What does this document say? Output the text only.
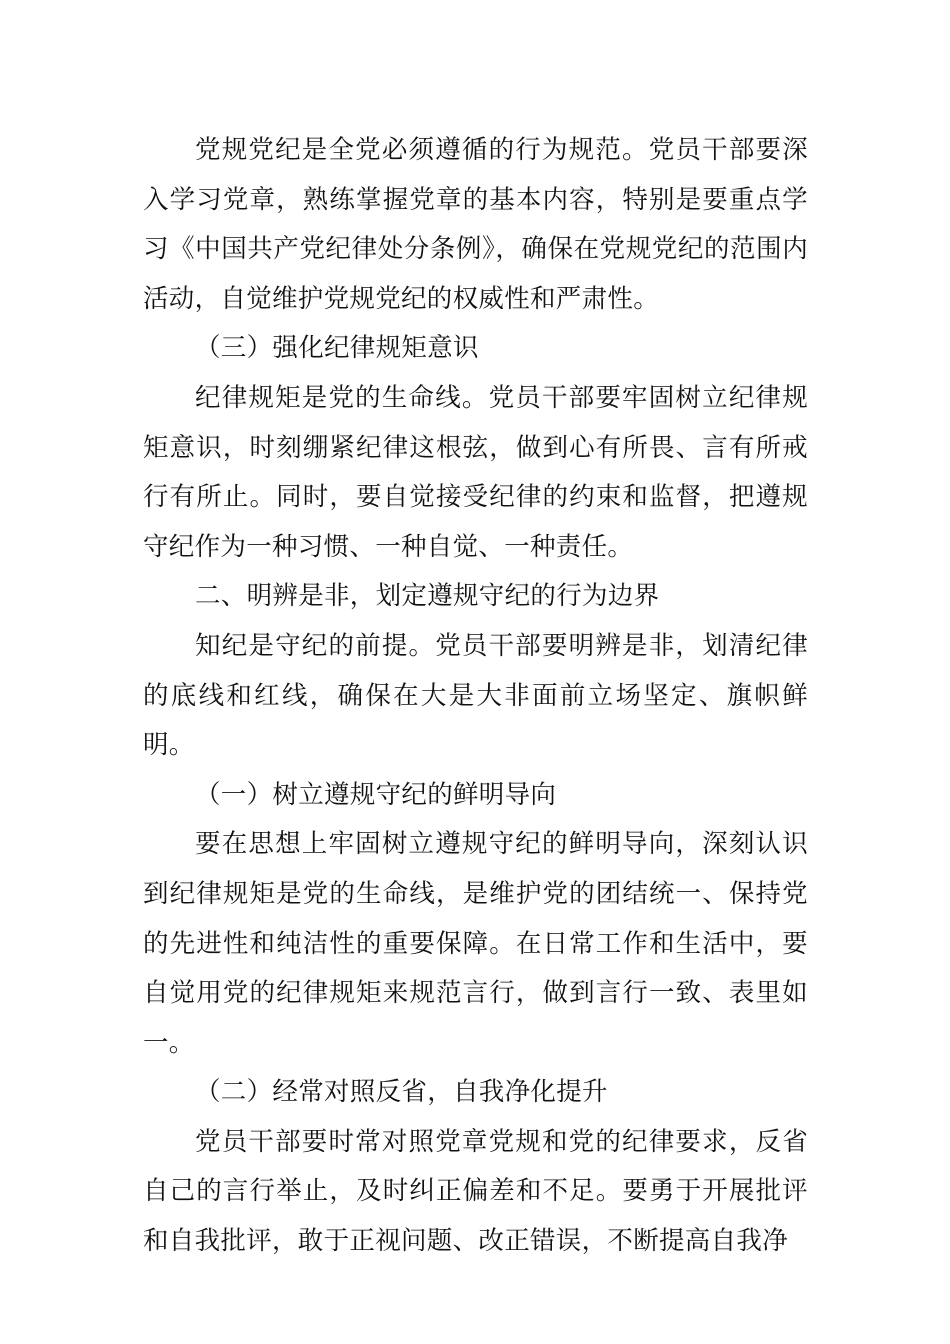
党规党纪是全党必须遵循的行为规范。党员干部要深入学习党章，熟练掌握党章的基本内容，特别是要重点学习《中国共产党纪律处分条例》，确保在党规党纪的范围内活动，自觉维护党规党纪的权威性和严肃性。

（三）强化纪律规矩意识

纪律规矩是党的生命线。党员干部要牢固树立纪律规矩意识，时刻绷紧纪律这根弦，做到心有所畏、言有所戒行有所止。同时，要自觉接受纪律的约束和监督，把遵规守纪作为一种习惯、一种自觉、一种责任。

二、明辨是非，划定遵规守纪的行为边界

知纪是守纪的前提。党员干部要明辨是非，划清纪律的底线和红线，确保在大是大非面前立场坚定、旗帜鲜明。

（一）树立遵规守纪的鲜明导向

要在思想上牢固树立遵规守纪的鲜明导向，深刻认识到纪律规矩是党的生命线，是维护党的团结统一、保持党的先进性和纯洁性的重要保障。在日常工作和生活中，要自觉用党的纪律规矩来规范言行，做到言行一致、表里如一。

（二）经常对照反省，自我净化提升

党员干部要时常对照党章党规和党的纪律要求，反省自己的言行举止，及时纠正偏差和不足。要勇于开展批评和自我批评，敢于正视问题、改正错误，不断提高自我净
